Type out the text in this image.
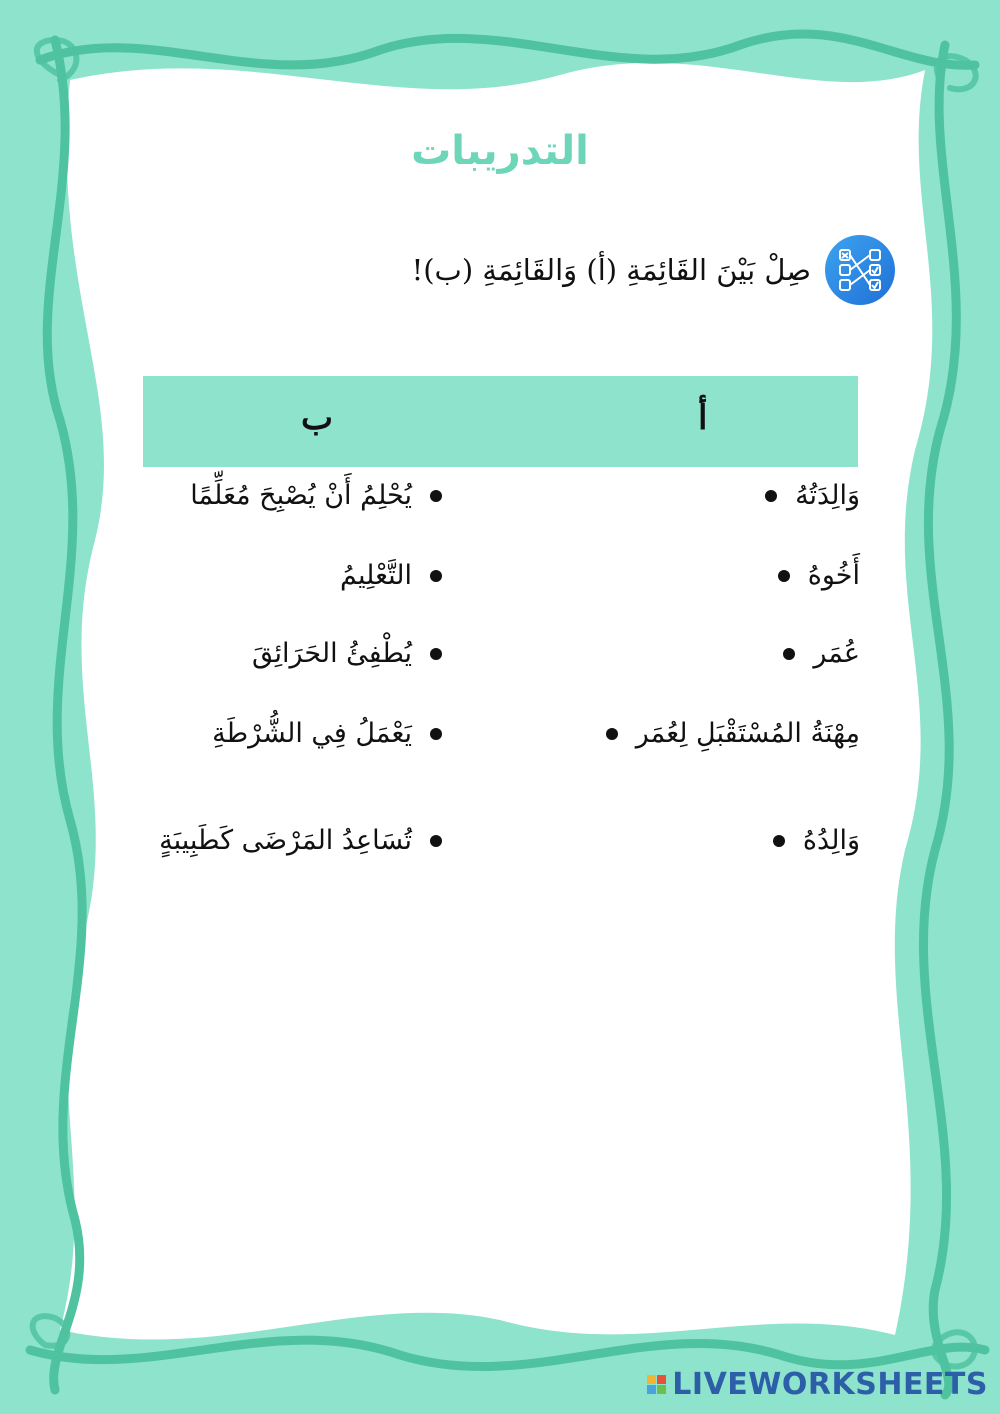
التدريبات
صِلْ بَيْنَ القَائِمَةِ (أ) وَالقَائِمَةِ (ب)!
أ
ب
وَالِدَتُهُ
أَخُوهُ
عُمَر
مِهْنَةُ المُسْتَقْبَلِ لِعُمَر
وَالِدُهُ
يُحْلِمُ أَنْ يُصْبِحَ مُعَلِّمًا
التَّعْلِيمُ
يُطْفِئُ الحَرَائِقَ
يَعْمَلُ فِي الشُّرْطَةِ
تُسَاعِدُ المَرْضَى كَطَبِيبَةٍ
LIVEWORKSHEETS
